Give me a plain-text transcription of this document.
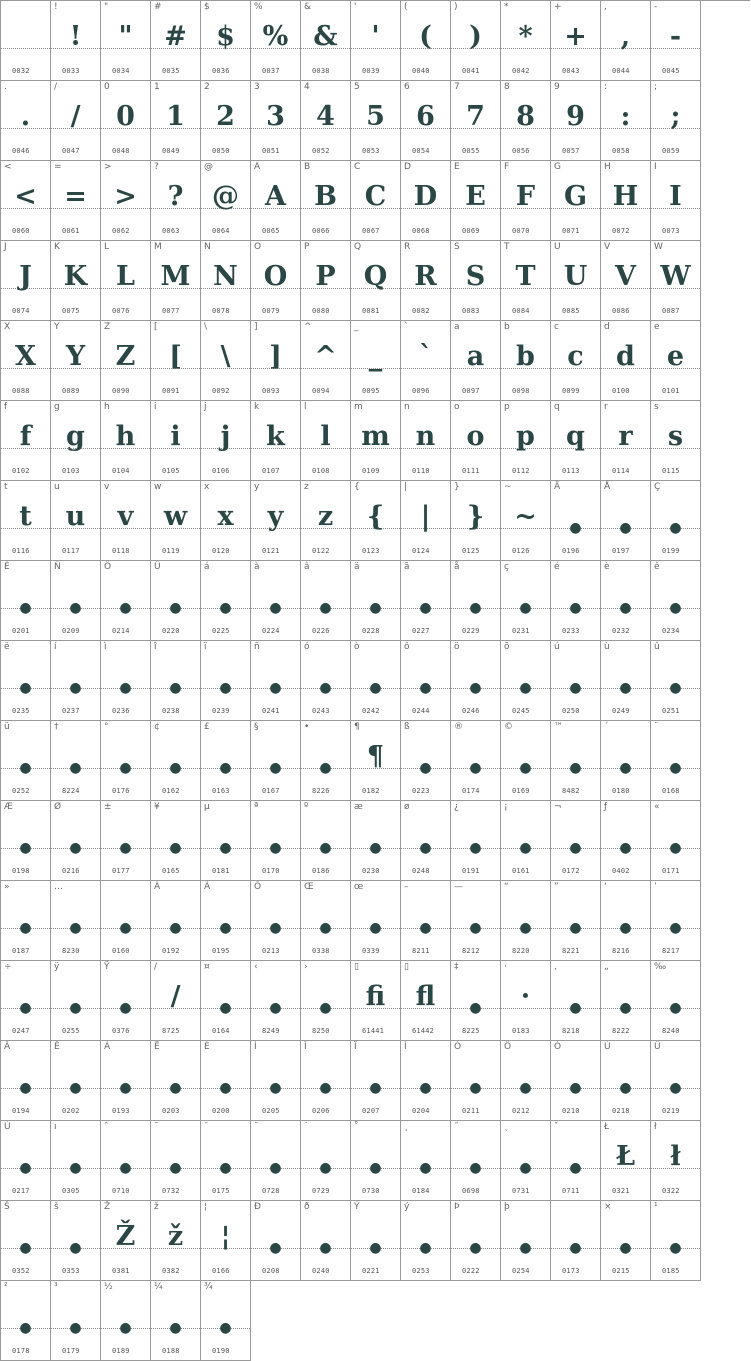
0032
!
!
0033
"
"
0034
#
#
0035
$
$
0036
%
%
0037
&
&
0038
'
'
0039
(
(
0040
)
)
0041
*
*
0042
+
+
0043
,
,
0044
-
-
0045
.
.
0046
/
/
0047
0
0
0048
1
1
0049
2
2
0050
3
3
0051
4
4
0052
5
5
0053
6
6
0054
7
7
0055
8
8
0056
9
9
0057
:
:
0058
;
;
0059
<
<
0060
=
=
0061
>
>
0062
?
?
0063
@
@
0064
A
A
0065
B
B
0066
C
C
0067
D
D
0068
E
E
0069
F
F
0070
G
G
0071
H
H
0072
I
I
0073
J
J
0074
K
K
0075
L
L
0076
M
M
0077
N
N
0078
O
O
0079
P
P
0080
Q
Q
0081
R
R
0082
S
S
0083
T
T
0084
U
U
0085
V
V
0086
W
W
0087
X
X
0088
Y
Y
0089
Z
Z
0090
[
[
0091
\
\
0092
]
]
0093
^
^
0094
_
_
0095
`
`
0096
a
a
0097
b
b
0098
c
c
0099
d
d
0100
e
e
0101
f
f
0102
g
g
0103
h
h
0104
i
i
0105
j
j
0106
k
k
0107
l
l
0108
m
m
0109
n
n
0110
o
o
0111
p
p
0112
q
q
0113
r
r
0114
s
s
0115
t
t
0116
u
u
0117
v
v
0118
w
w
0119
x
x
0120
y
y
0121
z
z
0122
{
{
0123
|
|
0124
}
}
0125
~
~
0126
Ä
●
0196
Å
●
0197
Ç
●
0199
É
●
0201
Ñ
●
0209
Ö
●
0214
Ü
●
0220
á
●
0225
à
●
0224
â
●
0226
ä
●
0228
ã
●
0227
å
●
0229
ç
●
0231
é
●
0233
è
●
0232
ê
●
0234
ë
●
0235
í
●
0237
ì
●
0236
î
●
0238
ï
●
0239
ñ
●
0241
ó
●
0243
ò
●
0242
ô
●
0244
ö
●
0246
õ
●
0245
ú
●
0250
ù
●
0249
û
●
0251
ü
●
0252
†
●
8224
°
●
0176
¢
●
0162
£
●
0163
§
●
0167
•
●
8226
¶
¶
0182
ß
●
0223
®
●
0174
©
●
0169
™
●
8482
´
●
0180
¨
●
0168
Æ
●
0198
Ø
●
0216
±
●
0177
¥
●
0165
µ
●
0181
ª
●
0170
º
●
0186
æ
●
0230
ø
●
0248
¿
●
0191
¡
●
0161
¬
●
0172
ƒ
●
0402
«
●
0171
»
●
0187
…
●
8230
●
0160
À
●
0192
Ã
●
0195
Õ
●
0213
Œ
●
0338
œ
●
0339
–
●
8211
—
●
8212
“
●
8220
”
●
8221
‘
●
8216
’
●
8217
÷
●
0247
ÿ
●
0255
Ÿ
●
0376
/
/
8725
¤
●
0164
‹
●
8249
›
●
8250
▯
ﬁ
61441
▯
ﬂ
61442
‡
●
8225
·
·
0183
‚
●
8218
„
●
8222
‰
●
8240
Â
●
0194
Ê
●
0202
Á
●
0193
Ë
●
0203
È
●
0200
Í
●
0205
Î
●
0206
Ï
●
0207
Ì
●
0204
Ó
●
0211
Ô
●
0212
Ò
●
0210
Ú
●
0218
Û
●
0219
Ù
●
0217
ı
●
0305
ˆ
●
0710
˜
●
0732
¯
●
0175
˘
●
0728
˙
●
0729
˚
●
0730
¸
●
0184
˝
●
0698
˛
●
0731
ˇ
●
0711
Ł
Ł
0321
ł
ł
0322
Š
●
0352
š
●
0353
Ž
Ž
0381
ž
ž
0382
¦
¦
0166
Ð
●
0208
ð
●
0240
Ý
●
0221
ý
●
0253
Þ
●
0222
þ
●
0254
●
0173
×
●
0215
¹
●
0185
²
●
0178
³
●
0179
½
●
0189
¼
●
0188
¾
●
0190
